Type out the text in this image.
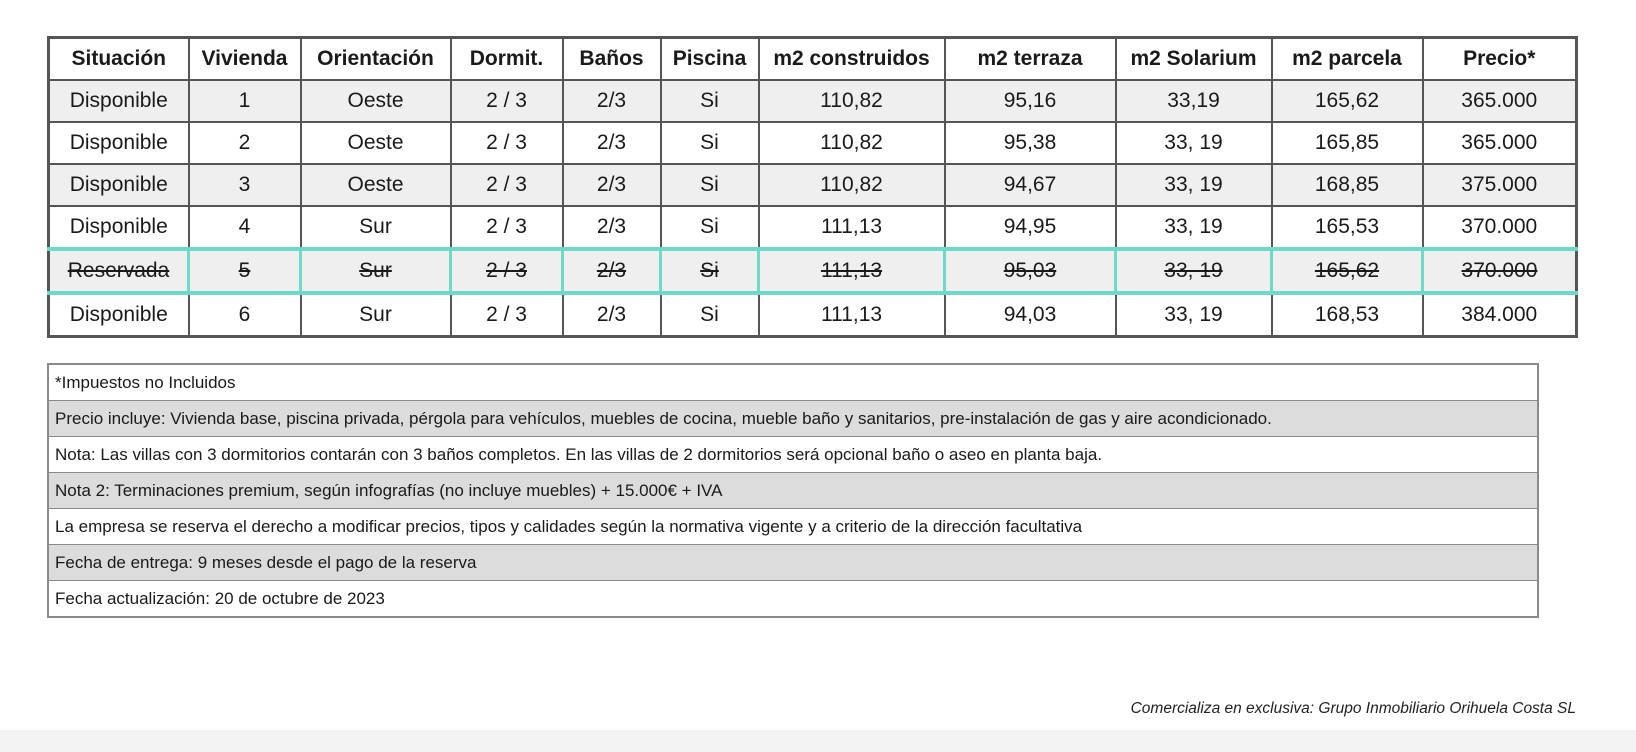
Situación	Vivienda	Orientación	Dormit.	Baños	Piscina	m2 construidos	m2 terraza	m2 Solarium	m2 parcela	Precio*
Disponible	1	Oeste	2 / 3	2/3	Si	110,82	95,16	33,19	165,62	365.000
Disponible	2	Oeste	2 / 3	2/3	Si	110,82	95,38	33, 19	165,85	365.000
Disponible	3	Oeste	2 / 3	2/3	Si	110,82	94,67	33, 19	168,85	375.000
Disponible	4	Sur	2 / 3	2/3	Si	111,13	94,95	33, 19	165,53	370.000
Reservada	5	Sur	2 / 3	2/3	Si	111,13	95,03	33, 19	165,62	370.000
Disponible	6	Sur	2 / 3	2/3	Si	111,13	94,03	33, 19	168,53	384.000
*Impuestos no Incluidos
Precio incluye: Vivienda base, piscina privada, pérgola para vehículos, muebles de cocina, mueble baño y sanitarios, pre-instalación de gas y aire acondicionado.
Nota: Las villas con 3 dormitorios contarán con 3 baños completos. En las villas de 2 dormitorios será opcional baño o aseo en planta baja.
Nota 2: Terminaciones premium, según infografías (no incluye muebles) + 15.000€ + IVA
La empresa se reserva el derecho a modificar precios, tipos y calidades según la normativa vigente y a criterio de la dirección facultativa
Fecha de entrega: 9 meses desde el pago de la reserva
Fecha actualización: 20 de octubre de 2023
Comercializa en exclusiva: Grupo Inmobiliario Orihuela Costa SL
